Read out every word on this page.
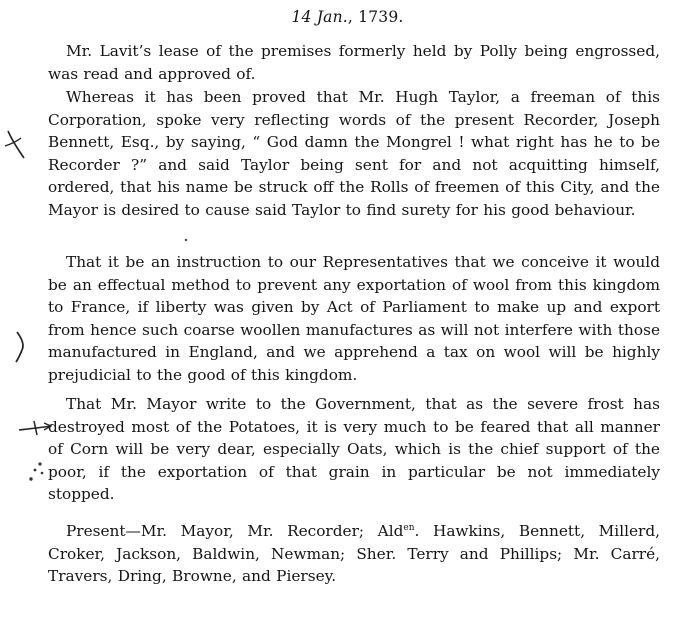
14 Jan., 1739.

Mr. Lavit’s lease of the premises formerly held by Polly being engrossed, was read and approved of.

Whereas it has been proved that Mr. Hugh Taylor, a freeman of this Corporation, spoke very reflecting words of the present Recorder, Joseph Bennett, Esq., by saying, “ God damn the Mongrel ! what right has he to be Recorder ?” and said Taylor being sent for and not acquitting himself, ordered, that his name be struck off the Rolls of freemen of this City, and the Mayor is desired to cause said Taylor to find surety for his good behaviour.

That it be an instruction to our Representatives that we conceive it would be an effectual method to prevent any exportation of wool from this kingdom to France, if liberty was given by Act of Parliament to make up and export from hence such coarse woollen manufactures as will not interfere with those manufactured in England, and we apprehend a tax on wool will be highly prejudicial to the good of this kingdom.

That Mr. Mayor write to the Government, that as the severe frost has destroyed most of the Potatoes, it is very much to be feared that all manner of Corn will be very dear, especially Oats, which is the chief support of the poor, if the exportation of that grain in particular be not immediately stopped.

Present—Mr. Mayor, Mr. Recorder; Ald$^{en}$. Hawkins, Bennett, Millerd, Croker, Jackson, Baldwin, Newman; Sher. Terry and Phillips; Mr. Carré, Travers, Dring, Browne, and Piersey.
